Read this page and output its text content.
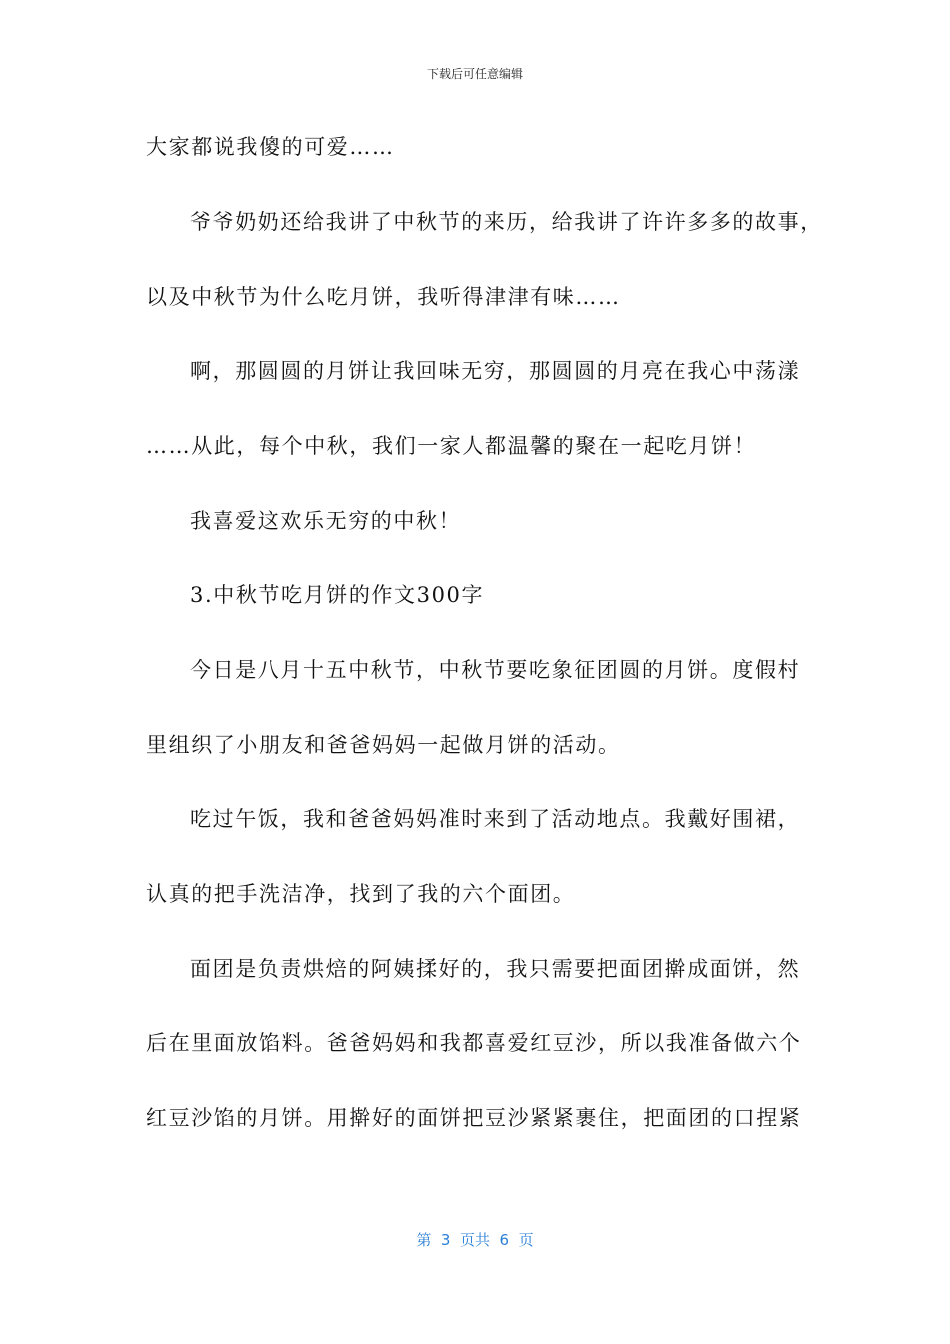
下载后可任意编辑
大家都说我傻的可爱……
爷爷奶奶还给我讲了中秋节的来历，给我讲了许许多多的故事，
以及中秋节为什么吃月饼，我听得津津有味……
啊，那圆圆的月饼让我回味无穷，那圆圆的月亮在我心中荡漾
……从此，每个中秋，我们一家人都温馨的聚在一起吃月饼！
我喜爱这欢乐无穷的中秋！
3.中秋节吃月饼的作文300字
今日是八月十五中秋节，中秋节要吃象征团圆的月饼。度假村
里组织了小朋友和爸爸妈妈一起做月饼的活动。
吃过午饭，我和爸爸妈妈准时来到了活动地点。我戴好围裙，
认真的把手洗洁净，找到了我的六个面团。
面团是负责烘焙的阿姨揉好的，我只需要把面团擀成面饼，然
后在里面放馅料。爸爸妈妈和我都喜爱红豆沙，所以我准备做六个
红豆沙馅的月饼。用擀好的面饼把豆沙紧紧裹住，把面团的口捏紧
第  3  页共  6  页
